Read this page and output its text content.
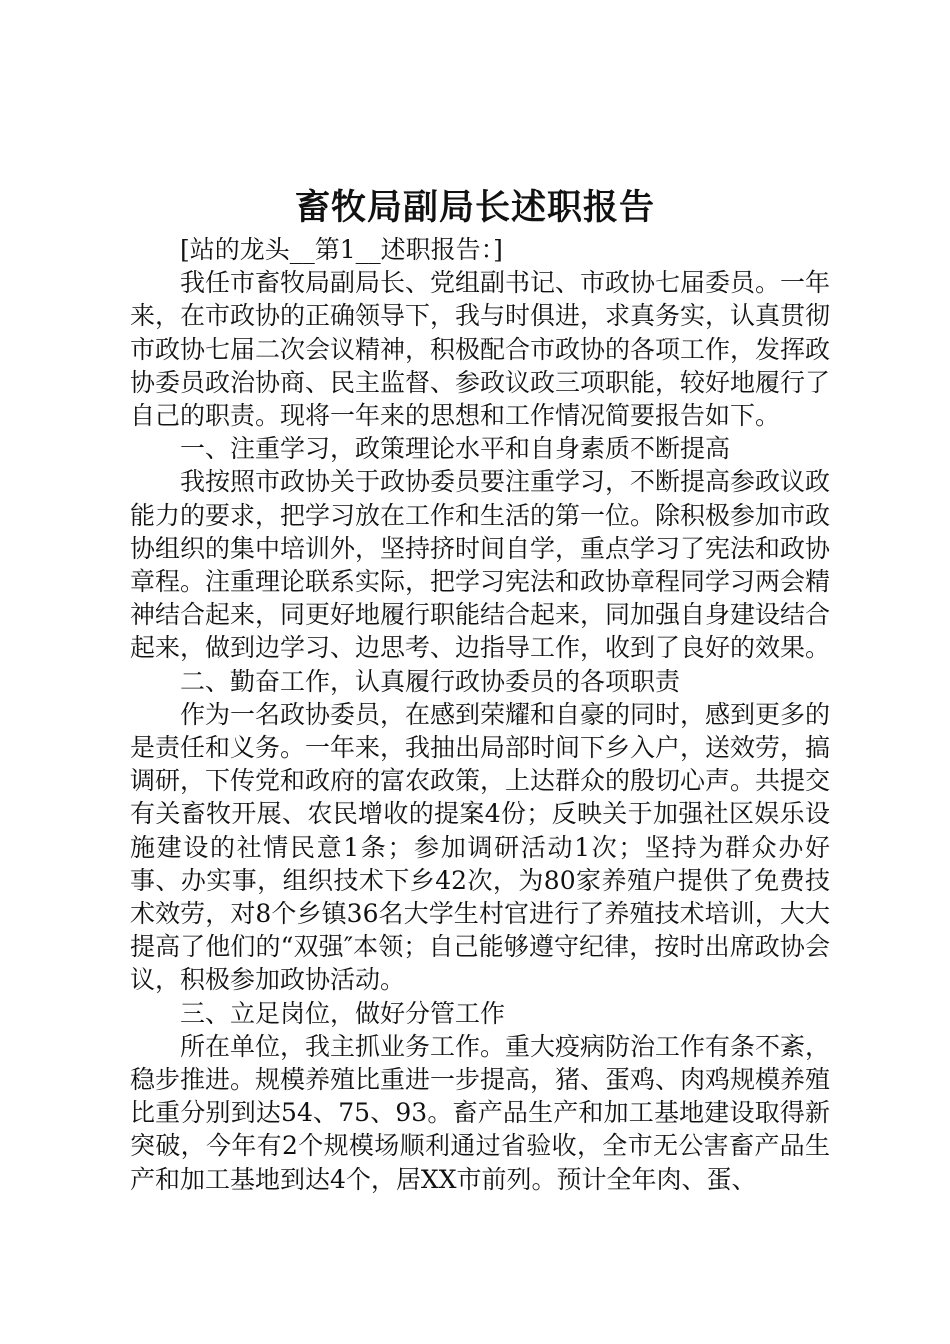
畜牧局副局长述职报告

[站的龙头__第1__述职报告：]

我任市畜牧局副局长、党组副书记、市政协七届委员。一年来，在市政协的正确领导下，我与时俱进，求真务实，认真贯彻市政协七届二次会议精神，积极配合市政协的各项工作，发挥政协委员政治协商、民主监督、参政议政三项职能，较好地履行了自己的职责。现将一年来的思想和工作情况简要报告如下。

一、注重学习，政策理论水平和自身素质不断提高

我按照市政协关于政协委员要注重学习，不断提高参政议政能力的要求，把学习放在工作和生活的第一位。除积极参加市政协组织的集中培训外，坚持挤时间自学，重点学习了宪法和政协章程。注重理论联系实际，把学习宪法和政协章程同学习两会精神结合起来，同更好地履行职能结合起来，同加强自身建设结合起来，做到边学习、边思考、边指导工作，收到了良好的效果。

二、勤奋工作，认真履行政协委员的各项职责

作为一名政协委员，在感到荣耀和自豪的同时，感到更多的是责任和义务。一年来，我抽出局部时间下乡入户，送效劳，搞调研，下传党和政府的富农政策，上达群众的殷切心声。共提交有关畜牧开展、农民增收的提案4份；反映关于加强社区娱乐设施建设的社情民意1条；参加调研活动1次；坚持为群众办好事、办实事，组织技术下乡42次，为80家养殖户提供了免费技术效劳，对8个乡镇36名大学生村官进行了养殖技术培训，大大提高了他们的“双强″本领；自己能够遵守纪律，按时出席政协会议，积极参加政协活动。

三、立足岗位，做好分管工作

所在单位，我主抓业务工作。重大疫病防治工作有条不紊，稳步推进。规模养殖比重进一步提高，猪、蛋鸡、肉鸡规模养殖比重分别到达54、75、93。畜产品生产和加工基地建设取得新突破，今年有2个规模场顺利通过省验收，全市无公害畜产品生产和加工基地到达4个，居XX市前列。预计全年肉、蛋、
